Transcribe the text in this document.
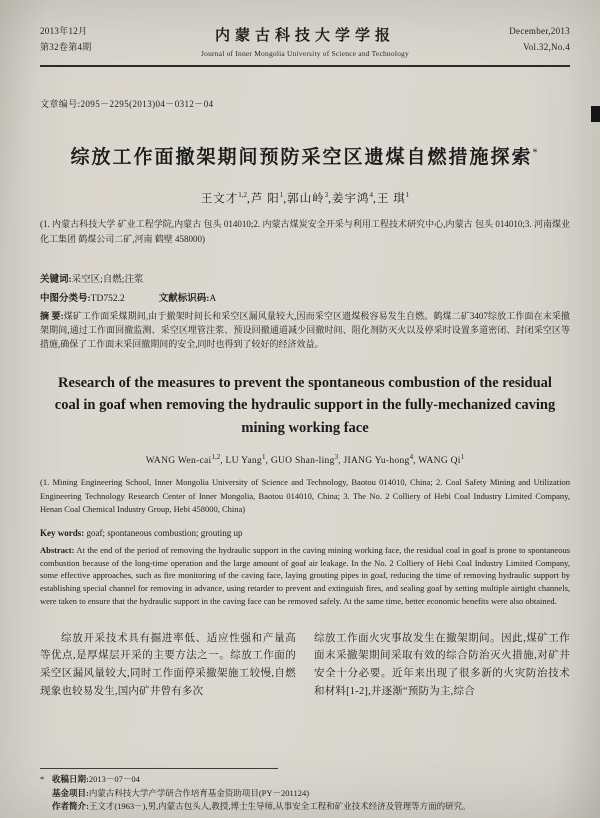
2013年12月
第32卷第4期
内蒙古科技大学学报
Journal of Inner Mongolia University of Science and Technology
December,2013
Vol.32,No.4
文章编号:2095－2295(2013)04－0312－04
综放工作面撤架期间预防采空区遗煤自燃措施探索*
王文才$^{1,2}$,芦 阳$^1$,郭山岭$^3$,姜宇鸿$^4$,王 琪$^1$

(1. 内蒙古科技大学 矿业工程学院,内蒙古 包头 014010;2. 内蒙古煤炭安全开采与利用工程技术研究中心,内蒙古 包头 014010;3. 河南煤业化工集团 鹤煤公司二矿,河南 鹤壁 458000)

关键词:采空区;自燃;注浆

中图分类号:TD752.2	文献标识码:A

摘 要:煤矿工作面采煤期间,由于撤架时间长和采空区漏风量较大,因而采空区遗煤极容易发生自燃。鹤煤二矿3407综放工作面在末采撤架期间,通过工作面回撤监测、采空区埋管注浆、预设回撤通道减少回撤时间、阻化剂防灭火以及停采时设置多道密闭、封闭采空区等措施,确保了工作面末采回撤期间的安全,同时也得到了较好的经济效益。

Research of the measures to prevent the spontaneous combustion of the residual coal in goaf when removing the hydraulic support in the fully-mechanized caving mining working face
WANG Wen-cai$^{1,2}$, LU Yang$^1$, GUO Shan-ling$^3$, JIANG Yu-hong$^4$, WANG Qi$^1$

(1. Mining Engineering School, Inner Mongolia University of Science and Technology, Baotou 014010, China; 2. Coal Safety Mining and Utilization Engineering Technology Research Center of Inner Mongolia, Baotou 014010, China; 3. The No. 2 Colliery of Hebi Coal Industry Limited Company, Henan Coal Chemical Industry Group, Hebi 458000, China)

Key words: goaf; spontaneous combustion; grouting up

Abstract: At the end of the period of removing the hydraulic support in the caving mining working face, the residual coal in goaf is prone to spontaneous combustion because of the long-time operation and the large amount of goaf air leakage. In the No. 2 Colliery of Hebi Coal Industry Limited Company, some effective approaches, such as fire monitoring of the caving face, laying grouting pipes in goaf, reducing the time of removing hydraulic support by establishing special channel for removing in advance, using retarder to prevent and extinguish fires, and sealing goaf by setting multiple airtight channels, were taken to ensure that the hydraulic support in the caving face can be removed safely. At the same time, better economic benefits were also obtained.

综放开采技术具有掘进率低、适应性强和产量高等优点,是厚煤层开采的主要方法之一。综放工作面的采空区漏风量较大,同时工作面停采撤架施工较慢,自燃现象也较易发生,国内矿井曾有多次

综放工作面火灾事故发生在撤架期间。因此,煤矿工作面末采撤架期间采取有效的综合防治灭火措施,对矿井安全十分必要。近年来出现了很多新的火灾防治技术和材料[1-2],并逐渐“预防为主,综合

* 收稿日期:2013－07－04

基金项目:内蒙古科技大学产学研合作培育基金资助项目(PY－201124)

作者简介:王文才(1963－),男,内蒙古包头人,教授,博士生导师,从事安全工程和矿业技术经济及管理等方面的研究。
